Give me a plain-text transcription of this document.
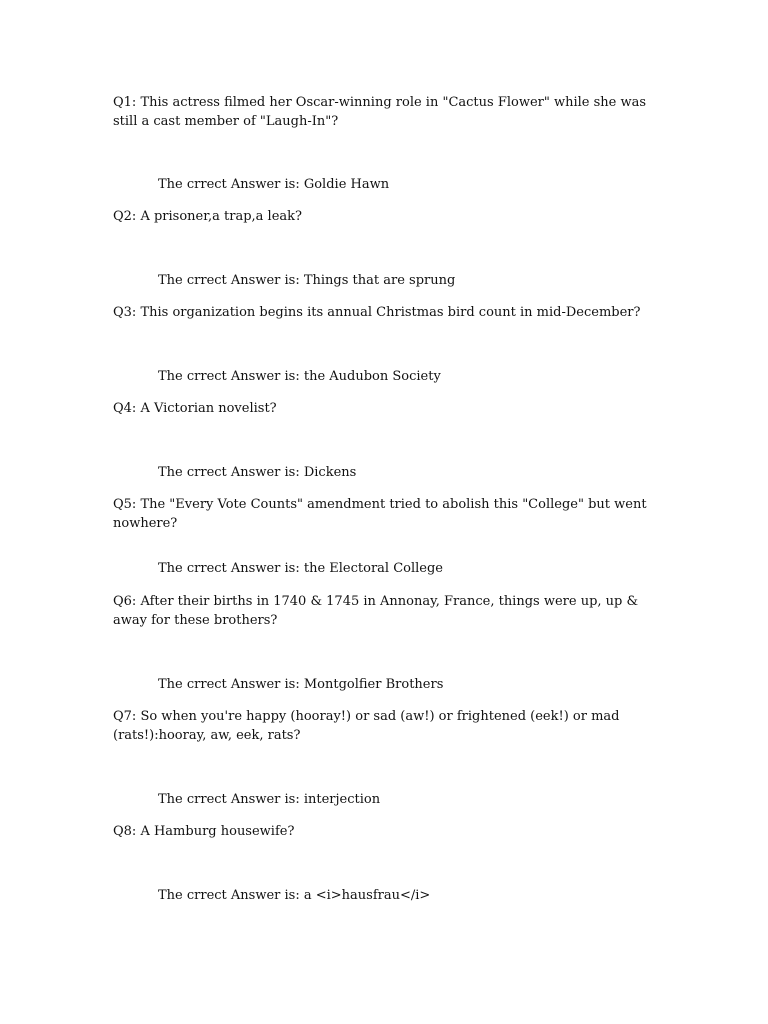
Q1: This actress filmed her Oscar-winning role in "Cactus Flower" while she was still a cast member of "Laugh-In"?

The crrect Answer is: Goldie Hawn

Q2: A prisoner,a trap,a leak?

The crrect Answer is: Things that are sprung

Q3: This organization begins its annual Christmas bird count in mid-December?

The crrect Answer is: the Audubon Society

Q4: A Victorian novelist?

The crrect Answer is: Dickens

Q5: The "Every Vote Counts" amendment tried to abolish this "College" but went nowhere?

The crrect Answer is: the Electoral College

Q6: After their births in 1740 & 1745 in Annonay, France, things were up, up & away for these brothers?

The crrect Answer is: Montgolfier Brothers

Q7: So when you're happy (hooray!) or sad (aw!) or frightened (eek!) or mad (rats!):hooray, aw, eek, rats?

The crrect Answer is: interjection

Q8: A Hamburg housewife?

The crrect Answer is: a <i>hausfrau</i>
